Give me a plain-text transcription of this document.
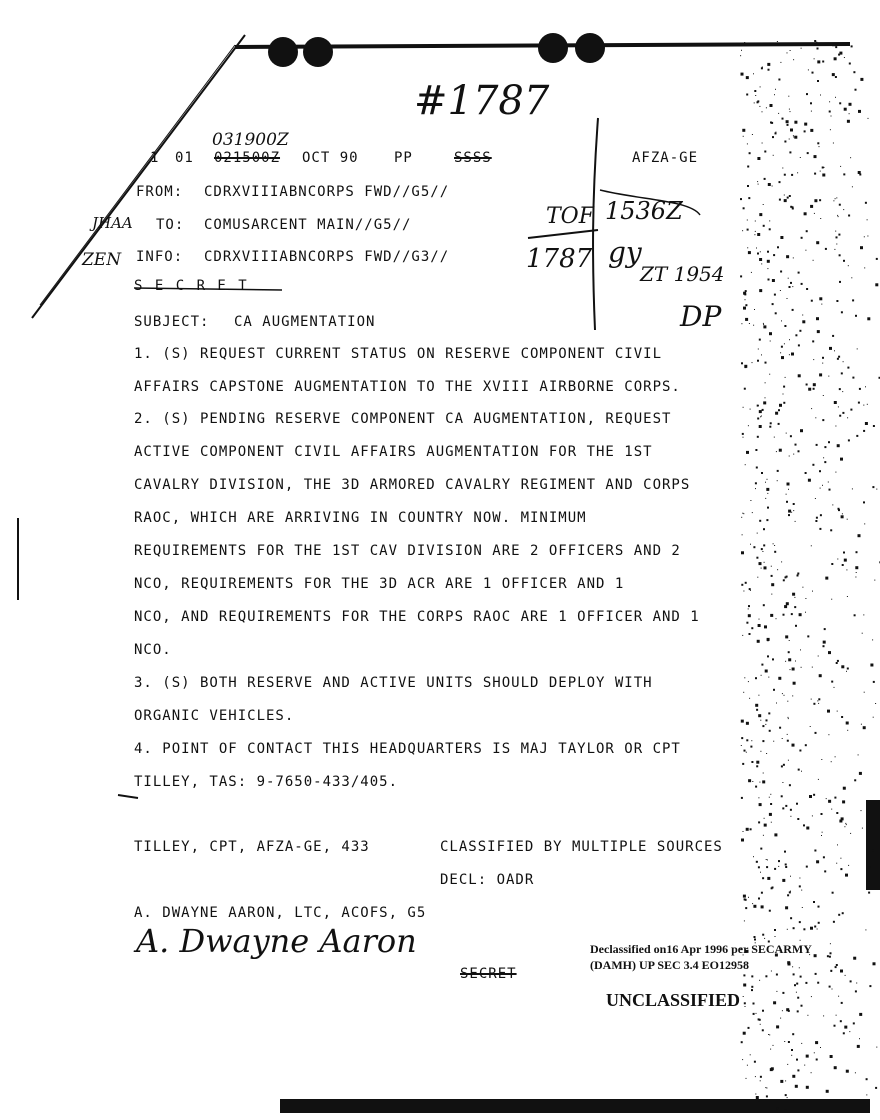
#1787
031900Z
TOF 1536Z
1787 gy
ZT 1954
DP
JHAA
ZEN
1 01 021500Z OCT 90	PP	SSSS	AFZA-GE
FROM: CDRXVIIIABNCORPS FWD//G5//
TO: COMUSARCENT MAIN//G5//
INFO: CDRXVIIIABNCORPS FWD//G3//
S E C R E T
SUBJECT: CA AUGMENTATION
1. (S) REQUEST CURRENT STATUS ON RESERVE COMPONENT CIVIL
AFFAIRS CAPSTONE AUGMENTATION TO THE XVIII AIRBORNE CORPS.
2. (S) PENDING RESERVE COMPONENT CA AUGMENTATION, REQUEST
ACTIVE COMPONENT CIVIL AFFAIRS AUGMENTATION FOR THE 1ST
CAVALRY DIVISION, THE 3D ARMORED CAVALRY REGIMENT AND CORPS
RAOC, WHICH ARE ARRIVING IN COUNTRY NOW. MINIMUM
REQUIREMENTS FOR THE 1ST CAV DIVISION ARE 2 OFFICERS AND 2
NCO, REQUIREMENTS FOR THE 3D ACR ARE 1 OFFICER AND 1
NCO, AND REQUIREMENTS FOR THE CORPS RAOC ARE 1 OFFICER AND 1
NCO.
3. (S) BOTH RESERVE AND ACTIVE UNITS SHOULD DEPLOY WITH
ORGANIC VEHICLES.
4. POINT OF CONTACT THIS HEADQUARTERS IS MAJ TAYLOR OR CPT
TILLEY, TAS: 9-7650-433/405.
TILLEY, CPT, AFZA-GE, 433	CLASSIFIED BY MULTIPLE SOURCES
DECL: OADR
A. DWAYNE AARON, LTC, ACOFS, G5
A. Dwayne Aaron
SECRET
Declassified on16 Apr 1996 per SECARMY
(DAMH) UP SEC 3.4 EO12958
UNCLASSIFIED
